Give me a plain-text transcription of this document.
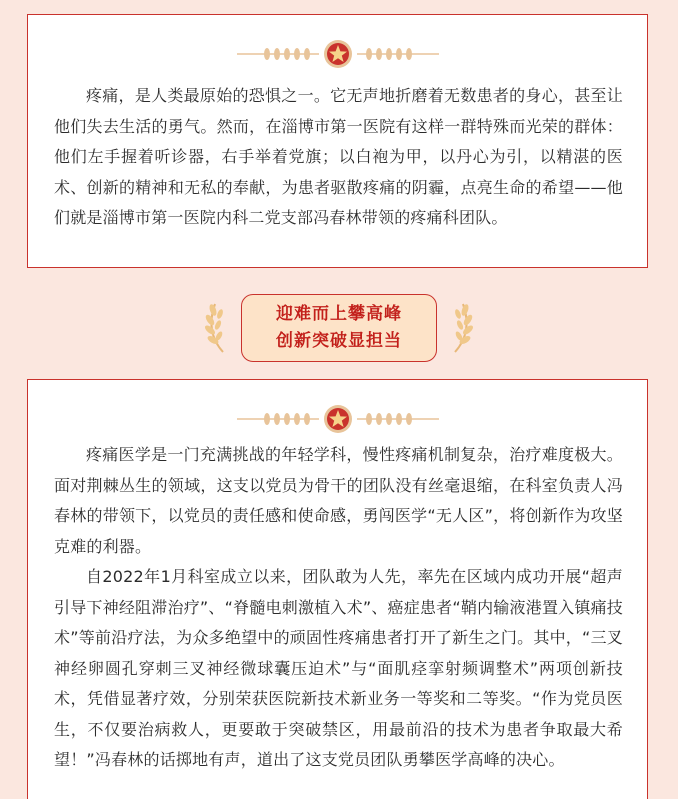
疼痛，是人类最原始的恐惧之一。它无声地折磨着无数患者的身心，甚至让他们失去生活的勇气。然而，在淄博市第一医院有这样一群特殊而光荣的群体：他们左手握着听诊器，右手举着党旗；以白袍为甲，以丹心为引，以精湛的医术、创新的精神和无私的奉献，为患者驱散疼痛的阴霾，点亮生命的希望——他们就是淄博市第一医院内科二党支部冯春林带领的疼痛科团队。

迎难而上攀高峰
创新突破显担当

疼痛医学是一门充满挑战的年轻学科，慢性疼痛机制复杂，治疗难度极大。面对荆棘丛生的领域，这支以党员为骨干的团队没有丝毫退缩，在科室负责人冯春林的带领下，以党员的责任感和使命感，勇闯医学“无人区”，将创新作为攻坚克难的利器。

自2022年1月科室成立以来，团队敢为人先，率先在区域内成功开展“超声引导下神经阻滞治疗”、“脊髓电刺激植入术”、癌症患者“鞘内输液港置入镇痛技术”等前沿疗法，为众多绝望中的顽固性疼痛患者打开了新生之门。其中，“三叉神经卵圆孔穿刺三叉神经微球囊压迫术”与“面肌痉挛射频调整术”两项创新技术，凭借显著疗效，分别荣获医院新技术新业务一等奖和二等奖。“作为党员医生，不仅要治病救人，更要敢于突破禁区，用最前沿的技术为患者争取最大希望！”冯春林的话掷地有声，道出了这支党员团队勇攀医学高峰的决心。
